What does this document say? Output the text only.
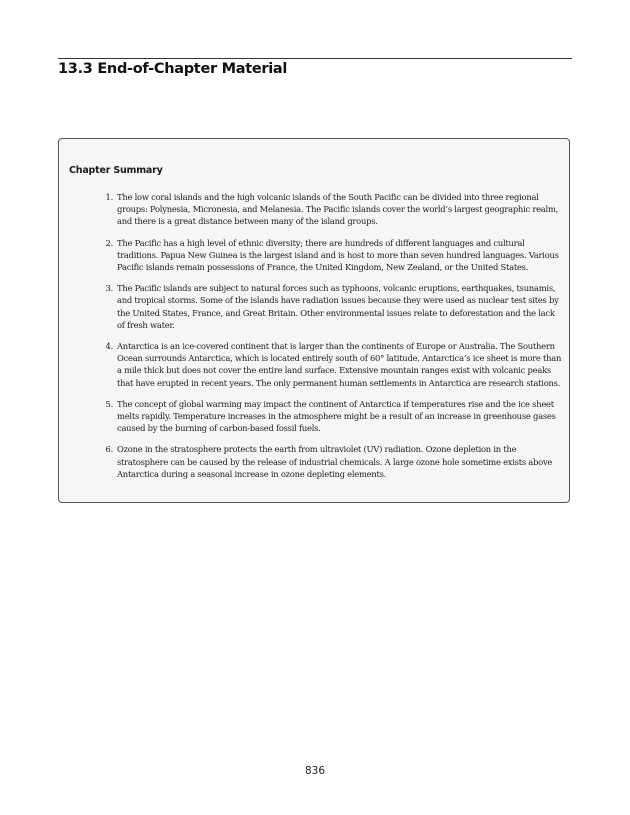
13.3 End-of-Chapter Material
Chapter Summary
1. The low coral islands and the high volcanic islands of the South Pacific can be divided into three regional groups: Polynesia, Micronesia, and Melanesia. The Pacific islands cover the world’s largest geographic realm, and there is a great distance between many of the island groups.
2. The Pacific has a high level of ethnic diversity; there are hundreds of different languages and cultural traditions. Papua New Guinea is the largest island and is host to more than seven hundred languages. Various Pacific islands remain possessions of France, the United Kingdom, New Zealand, or the United States.
3. The Pacific islands are subject to natural forces such as typhoons, volcanic eruptions, earthquakes, tsunamis, and tropical storms. Some of the islands have radiation issues because they were used as nuclear test sites by the United States, France, and Great Britain. Other environmental issues relate to deforestation and the lack of fresh water.
4. Antarctica is an ice-covered continent that is larger than the continents of Europe or Australia. The Southern Ocean surrounds Antarctica, which is located entirely south of 60° latitude. Antarctica’s ice sheet is more than a mile thick but does not cover the entire land surface. Extensive mountain ranges exist with volcanic peaks that have erupted in recent years. The only permanent human settlements in Antarctica are research stations.
5. The concept of global warming may impact the continent of Antarctica if temperatures rise and the ice sheet melts rapidly. Temperature increases in the atmosphere might be a result of an increase in greenhouse gases caused by the burning of carbon-based fossil fuels.
6. Ozone in the stratosphere protects the earth from ultraviolet (UV) radiation. Ozone depletion in the stratosphere can be caused by the release of industrial chemicals. A large ozone hole sometime exists above Antarctica during a seasonal increase in ozone depleting elements.
836
